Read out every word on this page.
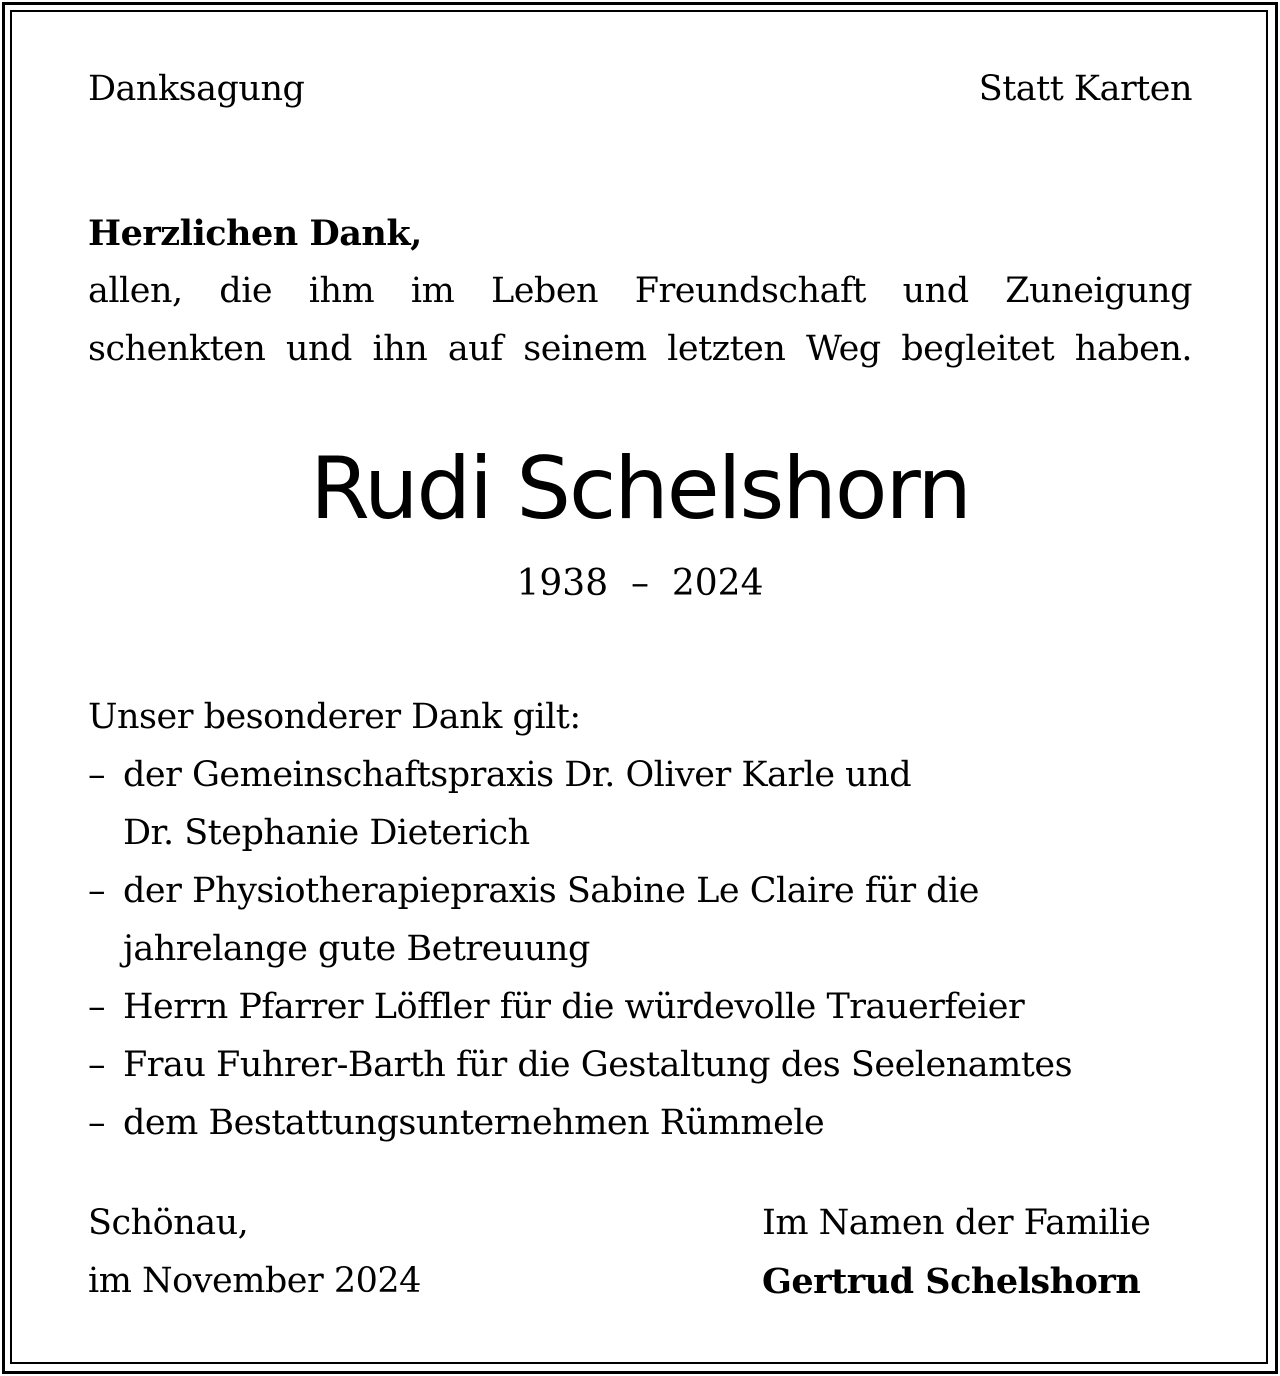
Danksagung	Statt Karten
Herzlichen Dank,
allen, die ihm im Leben Freundschaft und Zuneigung
schenkten und ihn auf seinem letzten Weg begleitet haben.
Rudi Schelshorn
1938  –  2024
Unser besonderer Dank gilt:
– der Gemeinschaftspraxis Dr. Oliver Karle und
Dr. Stephanie Dieterich
– der Physiotherapiepraxis Sabine Le Claire für die
jahrelange gute Betreuung
– Herrn Pfarrer Löffler für die würdevolle Trauerfeier
– Frau Fuhrer-Barth für die Gestaltung des Seelenamtes
– dem Bestattungsunternehmen Rümmele
Schönau,
im November 2024
Im Namen der Familie
Gertrud Schelshorn
